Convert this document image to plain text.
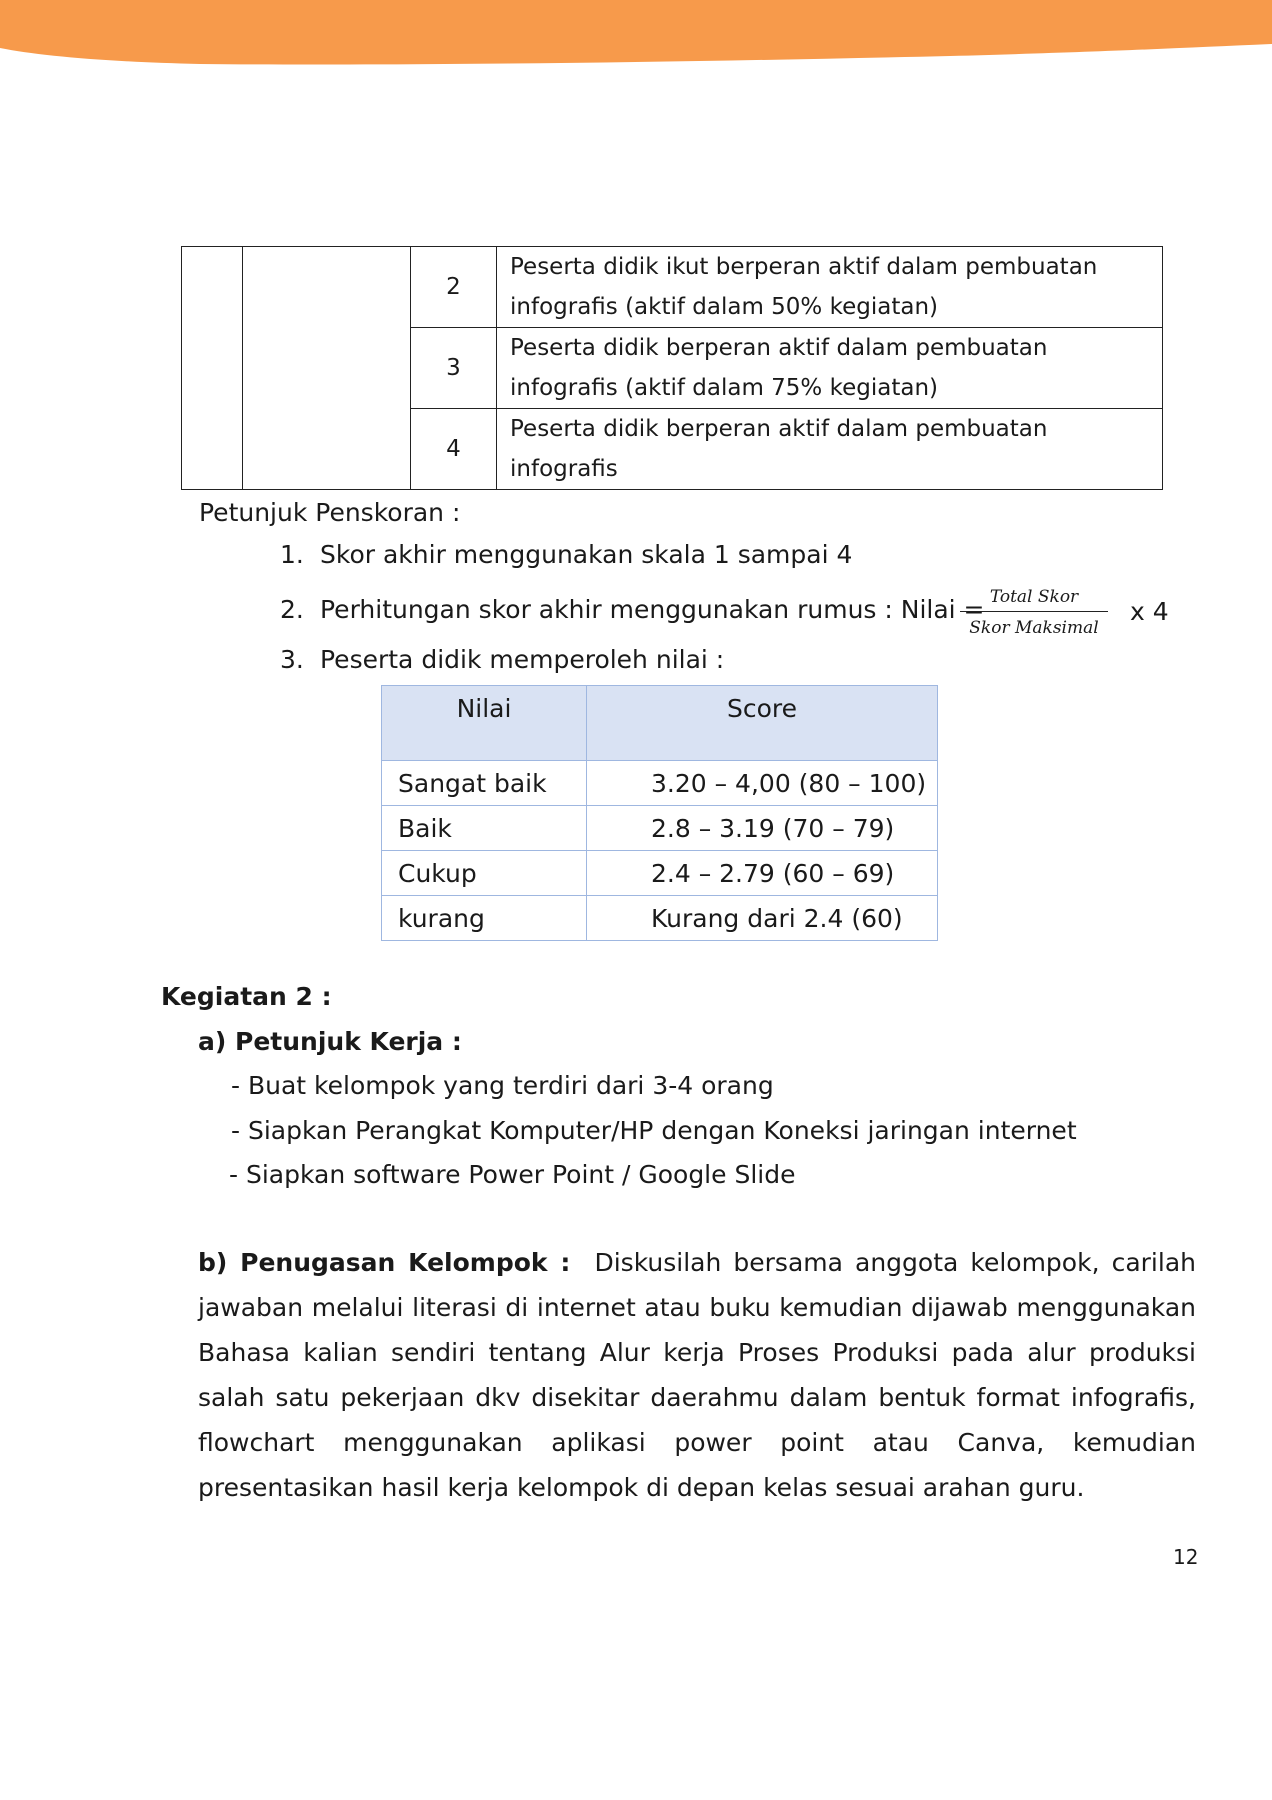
		2	Peserta didik ikut berperan aktif dalam pembuatan infografis (aktif dalam 50% kegiatan)
		3	Peserta didik berperan aktif dalam pembuatan infografis (aktif dalam 75% kegiatan)
		4	Peserta didik berperan aktif dalam pembuatan infografis
Petunjuk Penskoran :
1. Skor akhir menggunakan skala 1 sampai 4
2. Perhitungan skor akhir menggunakan rumus : Nilai =
3. Peserta didik memperoleh nilai :
Total Skor
Skor Maksimal
x 4
Nilai	Score
Sangat baik	3.20 – 4,00 (80 – 100)
Baik	2.8 – 3.19 (70 – 79)
Cukup	2.4 – 2.79 (60 – 69)
kurang	Kurang dari 2.4 (60)
Kegiatan 2 :
a) Petunjuk Kerja :
- Buat kelompok yang terdiri dari 3-4 orang
- Siapkan Perangkat Komputer/HP dengan Koneksi jaringan internet
- Siapkan software Power Point / Google Slide

b) Penugasan Kelompok : Diskusilah bersama anggota kelompok, carilah jawaban melalui literasi di internet atau buku kemudian dijawab menggunakan Bahasa kalian sendiri tentang Alur kerja Proses Produksi pada alur produksi salah satu pekerjaan dkv disekitar daerahmu dalam bentuk format infografis, flowchart menggunakan aplikasi power point atau Canva, kemudian presentasikan hasil kerja kelompok di depan kelas sesuai arahan guru.

12
